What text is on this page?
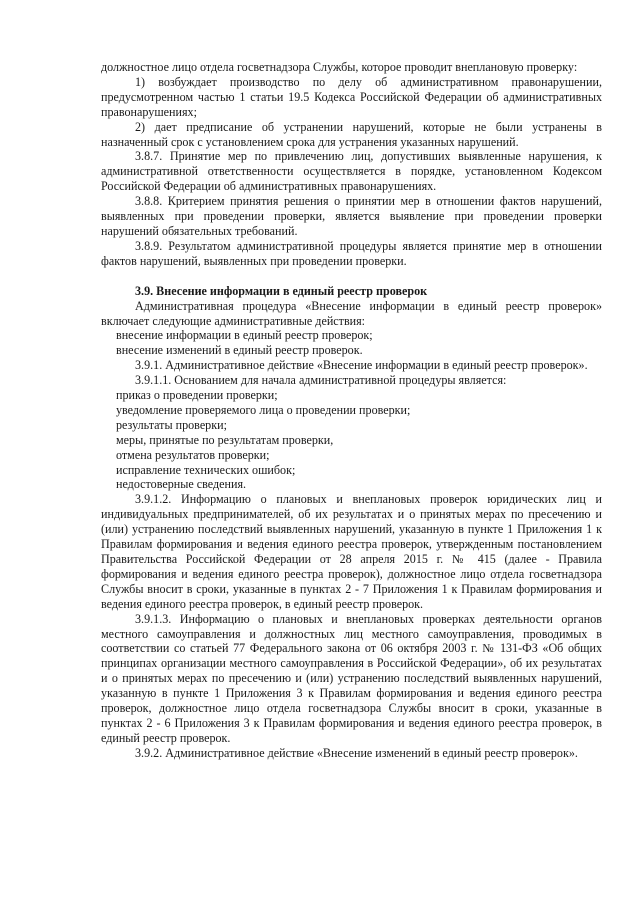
должностное лицо отдела госветнадзора Службы, которое проводит внеплановую проверку:

1) возбуждает производство по делу об административном правонарушении, предусмотренном частью 1 статьи 19.5 Кодекса Российской Федерации об административных правонарушениях;

2) дает предписание об устранении нарушений, которые не были устранены в назначенный срок с установлением срока для устранения указанных нарушений.

3.8.7. Принятие мер по привлечению лиц, допустивших выявленные нарушения, к административной ответственности осуществляется в порядке, установленном Кодексом Российской Федерации об административных правонарушениях.

3.8.8. Критерием принятия решения о принятии мер в отношении фактов нарушений, выявленных при проведении проверки, является выявление при проведении проверки нарушений обязательных требований.

3.8.9. Результатом административной процедуры является принятие мер в отношении фактов нарушений, выявленных при проведении проверки.

3.9. Внесение информации в единый реестр проверок

Административная процедура «Внесение информации в единый реестр проверок» включает следующие административные действия:

внесение информации в единый реестр проверок;

внесение изменений в единый реестр проверок.

3.9.1. Административное действие «Внесение информации в единый реестр проверок».

3.9.1.1. Основанием для начала административной процедуры является:

приказ о проведении проверки;

уведомление проверяемого лица о проведении проверки;

результаты проверки;

меры, принятые по результатам проверки,

отмена результатов проверки;

исправление технических ошибок;

недостоверные сведения.

3.9.1.2. Информацию о плановых и внеплановых проверок юридических лиц и индивидуальных предпринимателей, об их результатах и о принятых мерах по пресечению и (или) устранению последствий выявленных нарушений, указанную в пункте 1 Приложения 1 к Правилам формирования и ведения единого реестра проверок, утвержденным постановлением Правительства Российской Федерации от 28 апреля 2015 г. № 415 (далее - Правила формирования и ведения единого реестра проверок), должностное лицо отдела госветнадзора Службы вносит в сроки, указанные в пунктах 2 - 7 Приложения 1 к Правилам формирования и ведения единого реестра проверок, в единый реестр проверок.

3.9.1.3. Информацию о плановых и внеплановых проверках деятельности органов местного самоуправления и должностных лиц местного самоуправления, проводимых в соответствии со статьей 77 Федерального закона от 06 октября 2003 г. № 131-ФЗ «Об общих принципах организации местного самоуправления в Российской Федерации», об их результатах и о принятых мерах по пресечению и (или) устранению последствий выявленных нарушений, указанную в пункте 1 Приложения 3 к Правилам формирования и ведения единого реестра проверок, должностное лицо отдела госветнадзора Службы вносит в сроки, указанные в пунктах 2 - 6 Приложения 3 к Правилам формирования и ведения единого реестра проверок, в единый реестр проверок.

3.9.2. Административное действие «Внесение изменений в единый реестр проверок».
